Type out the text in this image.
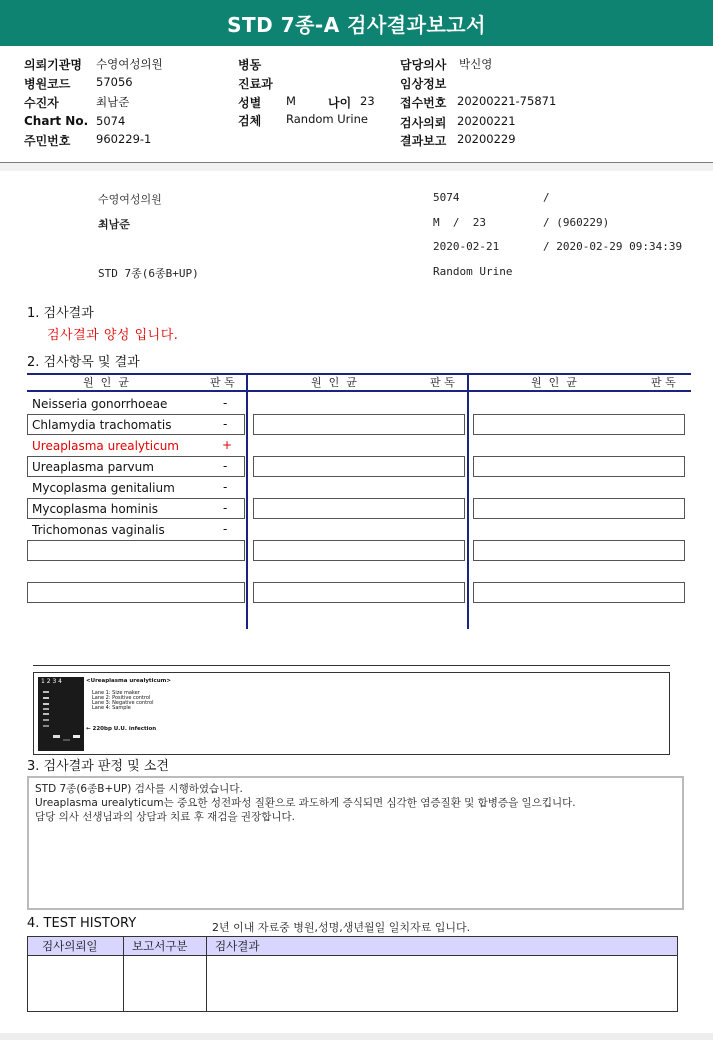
STD 7종-A 검사결과보고서
의뢰기관명 수영여성의원
병원코드 57056
수진자	최남준
Chart No. 5074
주민번호 960229-1
병동
진료과
성별 M	나이 23
검체 Random Urine
담당의사 박신영
임상정보
접수번호 20200221-75871
검사의뢰 20200221
결과보고 20200229
수영여성의원	5074	/
최남준	M  /  23	/ (960229)
2020-02-21	/ 2020-02-29 09:34:39
STD 7종(6종B+UP)	Random Urine
1. 검사결과
검사결과 양성 입니다.
2. 검사항목 및 결과
원  인  균	판 독	원  인  균	판 독	원  인  균	판 독
Neisseria gonorrhoeae	-
Chlamydia trachomatis	-
Ureaplasma urealyticum	+
Ureaplasma parvum	-
Mycoplasma genitalium	-
Mycoplasma hominis	-
Trichomonas vaginalis	-
1 2 3 4	<Ureaplasma urealyticum>
Lane 1: Size maker
Lane 2: Positive control
Lane 3: Negative control
Lane 4: Sample
← 220bp U.U. infection
3. 검사결과 판정 및 소견
STD 7종(6종B+UP) 검사를 시행하였습니다.
Ureaplasma urealyticum는 중요한 성전파성 질환으로 과도하게 증식되면 심각한 염증질환 및 합병증을 일으킵니다.
담당 의사 선생님과의 상담과 치료 후 재검을 권장합니다.
4. TEST HISTORY	2년 이내 자료중 병원,성명,생년월일 일치자료 입니다.
검사의뢰일	보고서구분	검사결과
